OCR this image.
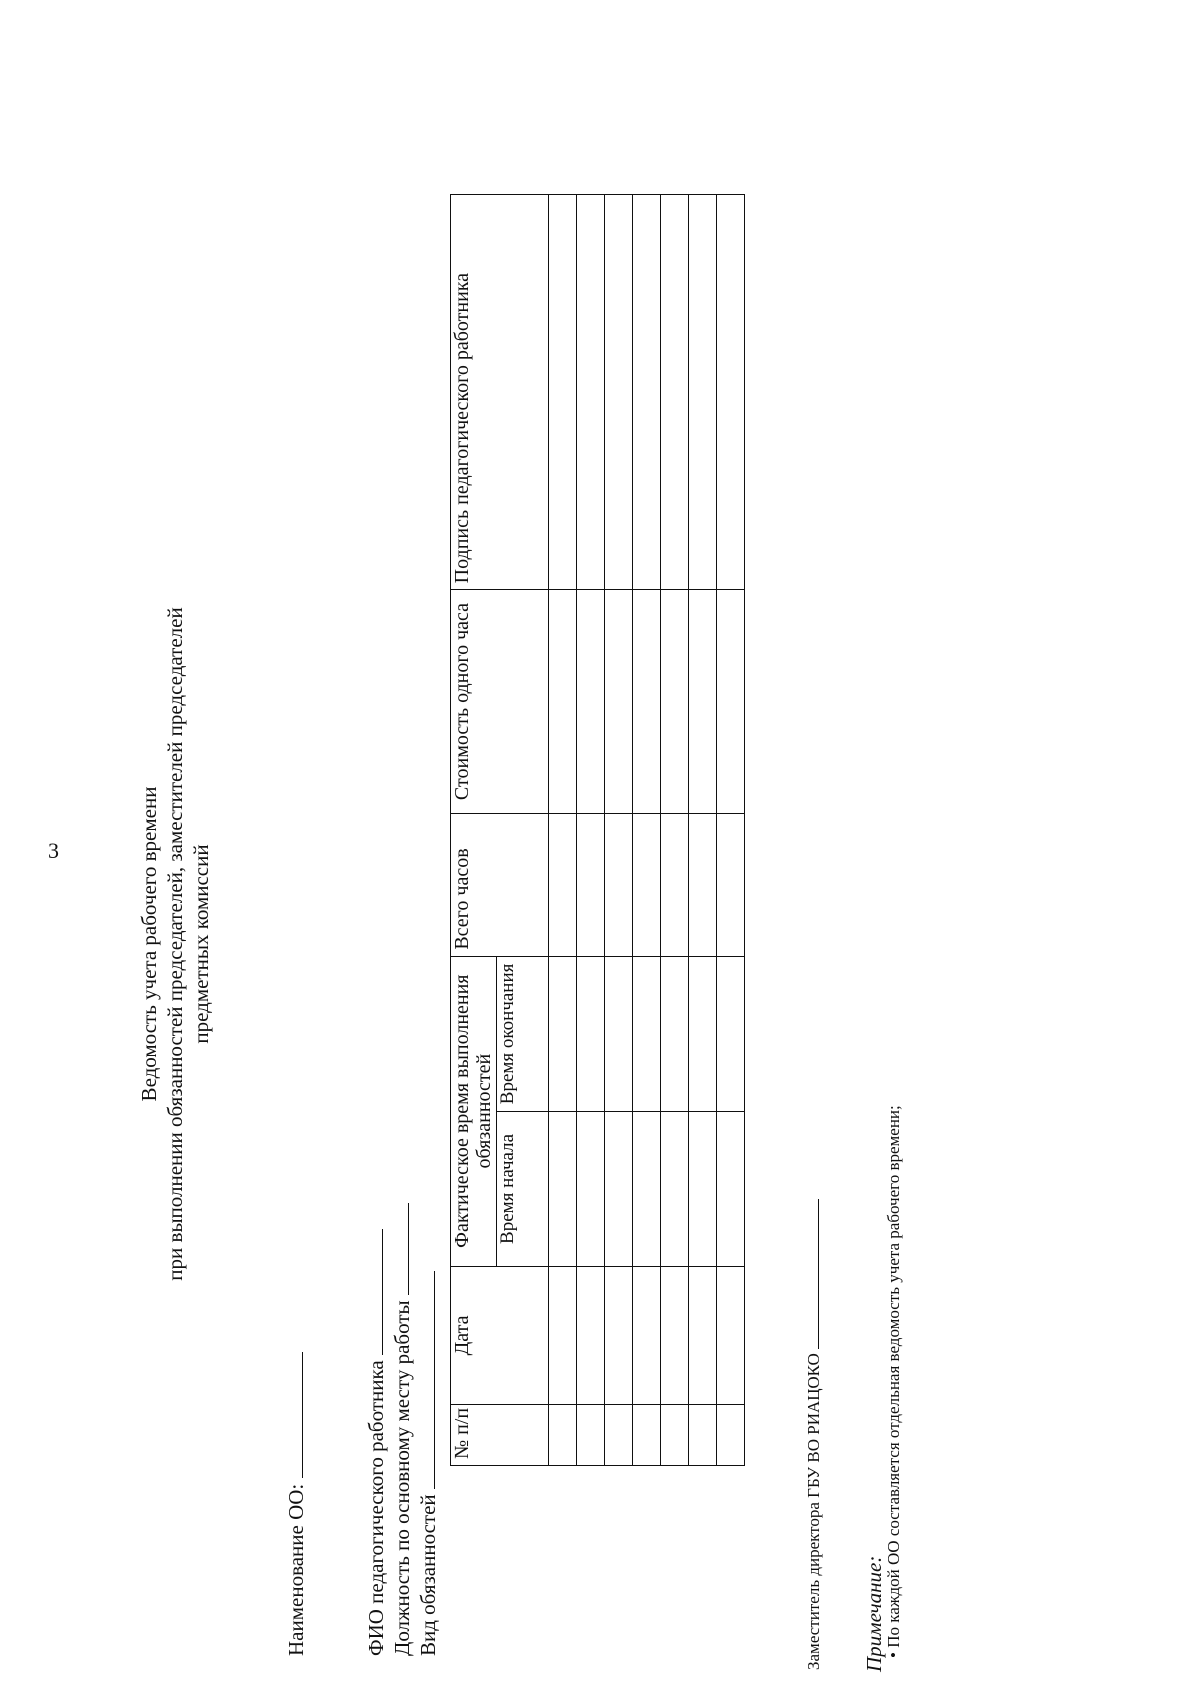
3	Ведомость учета рабочего времени при выполнении обязанностей председателей, заместителей председателей предметных комиссий
Наименование ОО:	ФИО педагогического работника Должность по основному месту работы Вид обязанностей
№ п/п	Дата	Фактическое время выполнения обязанностей		Всего часов	Стоимость одного часа	Подпись педагогического работника
		Время начала	Время окончания			

Заместитель директора ГБУ ВО РИАЦОКО Примечание:
• По каждой ОО составляется отдельная ведомость учета рабочего времени;
